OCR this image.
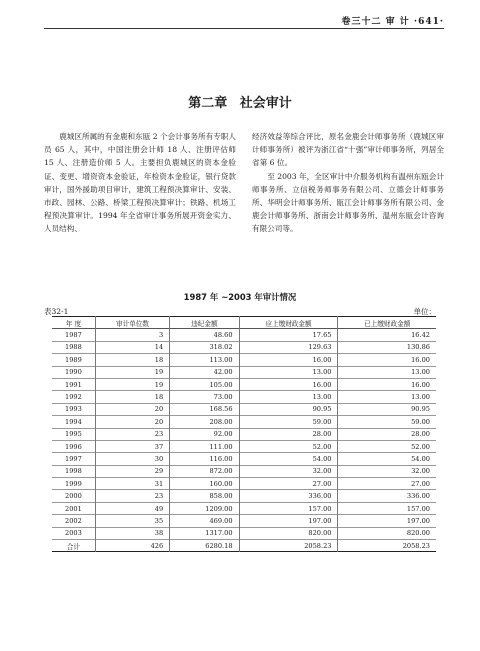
卷三十二 审 计 ·641·
第二章 社会审计

鹿城区所属的有金鹿和东瓯 2 个会计事务所有专职人员 65 人，其中，中国注册会计师 18 人、注册评估师 15 人、注册造价师 5 人。主要担负鹿城区的资本金验证、变更、增资资本金验证，年检资本金验证，银行贷款审计，国外援助项目审计，建筑工程预决算审计、安装、市政、园林、公路、桥梁工程预决算审计；铁路、机场工程预决算审计。1994 年全省审计事务所展开资金实力、人员结构、

经济效益等综合评比，原名金鹿会计师事务所（鹿城区审计师事务所）被评为浙江省“十强”审计师事务所，列居全省第 6 位。

至 2003 年，全区审计中介服务机构有温州东瓯会计师事务所、立信税务师事务有限公司、立德会计师事务所、华明会计师事务所、瓯江会计师事务所有限公司、金鹿会计师事务所、浙南会计师事务所、温州东瓯会计咨询有限公司等。

1987 年 ~2003 年审计情况
表32-1	单位：
年 度	审计单位数	违纪金额	应上缴财政金额	已上缴财政金额
1987	3	48.60	17.65	16.42
1988	14	318.02	129.63	130.86
1989	18	113.00	16.00	16.00
1990	19	42.00	13.00	13.00
1991	19	105.00	16.00	16.00
1992	18	73.00	13.00	13.00
1993	20	168.56	90.95	90.95
1994	20	208.00	59.00	59.00
1995	23	92.00	28.00	28.00
1996	37	111.00	52.00	52.00
1997	30	116.00	54.00	54.00
1998	29	872.00	32.00	32.00
1999	31	160.00	27.00	27.00
2000	23	858.00	336.00	336.00
2001	49	1209.00	157.00	157.00
2002	35	469.00	197.00	197.00
2003	38	1317.00	820.00	820.00
合计	426	6280.18	2058.23	2058.23
